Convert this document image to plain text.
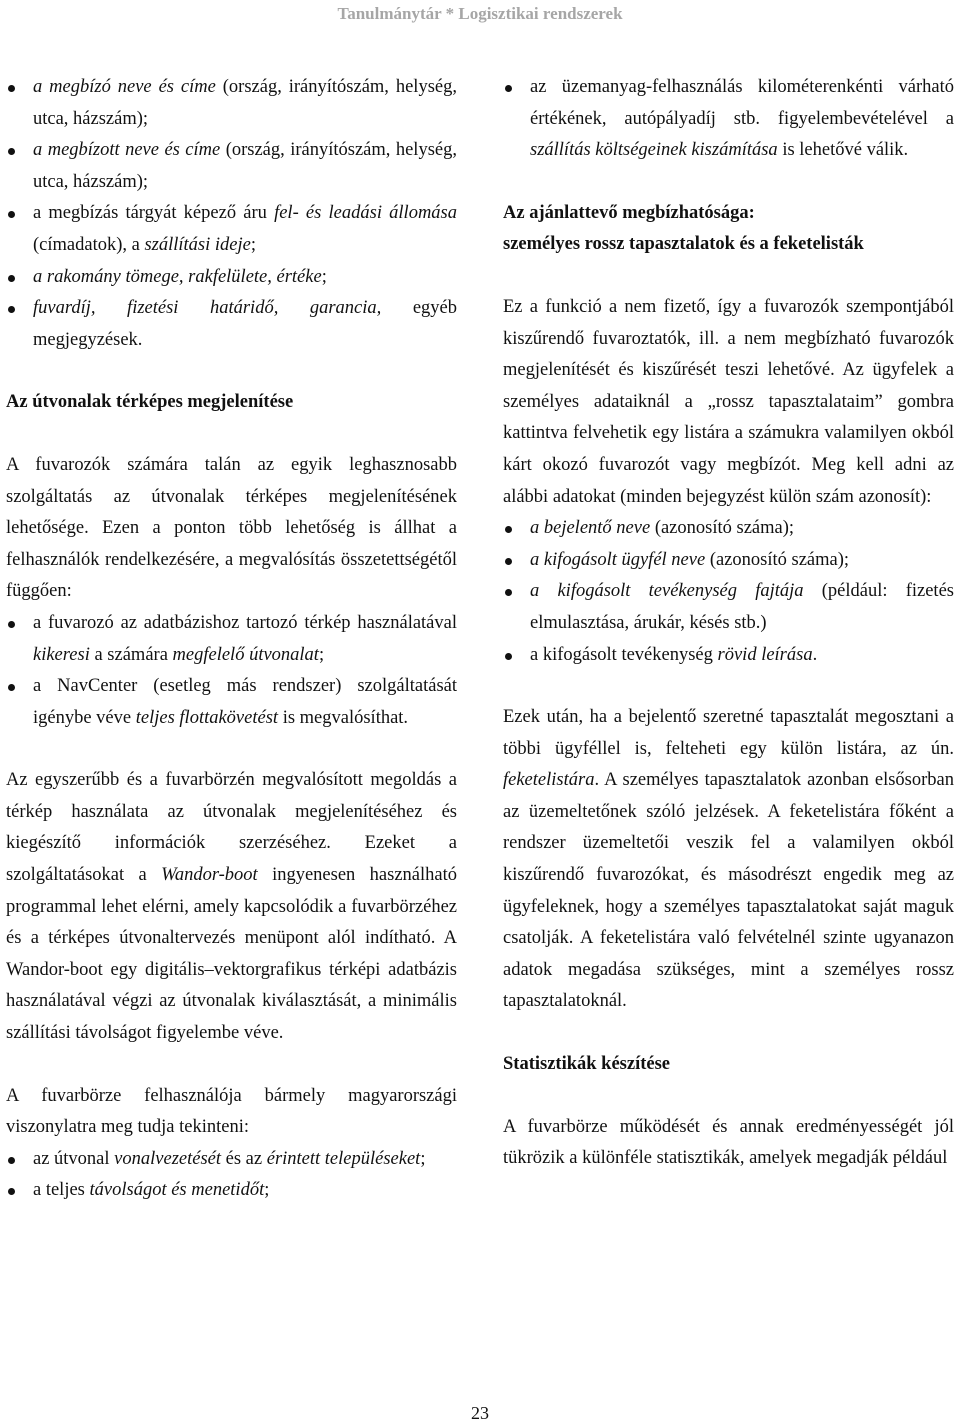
Tanulmánytár * Logisztikai rendszerek
a megbízó neve és címe (ország, irányítószám, helység, utca, házszám);
a megbízott neve és címe (ország, irányítószám, helység, utca, házszám);
a megbízás tárgyát képező áru fel- és leadási állomása (címadatok), a szállítási ideje;
a rakomány tömege, rakfelülete, értéke;
fuvardíj, fizetési határidő, garancia, egyéb megjegyzések.
Az útvonalak térképes megjelenítése

A fuvarozók számára talán az egyik leghasznosabb szolgáltatás az útvonalak térképes megjelenítésének lehetősége. Ezen a ponton több lehetőség is állhat a felhasználók rendelkezésére, a megvalósítás összetettségétől függően:

a fuvarozó az adatbázishoz tartozó térkép használatával kikeresi a számára megfelelő útvonalat;
a NavCenter (esetleg más rendszer) szolgáltatását igénybe véve teljes flottakövetést is megvalósíthat.

Az egyszerűbb és a fuvarbörzén megvalósított megoldás a térkép használata az útvonalak megjelenítéséhez és kiegészítő információk szerzéséhez. Ezeket a szolgáltatásokat a Wandor-boot ingyenesen használható programmal lehet elérni, amely kapcsolódik a fuvarbörzéhez és a térképes útvonaltervezés menüpont alól indítható. A Wandor-boot egy digitális–vektorgrafikus térképi adatbázis használatával végzi az útvonalak kiválasztását, a minimális szállítási távolságot figyelembe véve.

A fuvarbörze felhasználója bármely magyarországi viszonylatra meg tudja tekinteni:

az útvonal vonalvezetését és az érintett településeket;
a teljes távolságot és menetidőt;
az üzemanyag-felhasználás kilométerenkénti várható értékének, autópályadíj stb. figyelembevételével a szállítás költségeinek kiszámítása is lehetővé válik.
Az ajánlattevő megbízhatósága:
személyes rossz tapasztalatok és a feketelisták

Ez a funkció a nem fizető, így a fuvarozók szempontjából kiszűrendő fuvaroztatók, ill. a nem megbízható fuvarozók megjelenítését és kiszűrését teszi lehetővé. Az ügyfelek a személyes adataiknál a „rossz tapasztalataim” gombra kattintva felvehetik egy listára a számukra valamilyen okból kárt okozó fuvarozót vagy megbízót. Meg kell adni az alábbi adatokat (minden bejegyzést külön szám azonosít):

a bejelentő neve (azonosító száma);
a kifogásolt ügyfél neve (azonosító száma);
a kifogásolt tevékenység fajtája (például: fizetés elmulasztása, árukár, késés stb.)
a kifogásolt tevékenység rövid leírása.

Ezek után, ha a bejelentő szeretné tapasztalát megosztani a többi ügyféllel is, felteheti egy külön listára, az ún. feketelistára. A személyes tapasztalatok azonban elsősorban az üzemeltetőnek szóló jelzések. A feketelistára főként a rendszer üzemeltetői veszik fel a valamilyen okból kiszűrendő fuvarozókat, és másodrészt engedik meg az ügyfeleknek, hogy a személyes tapasztalatokat saját maguk csatolják. A feketelistára való felvételnél szinte ugyanazon adatok megadása szükséges, mint a személyes rossz tapasztalatoknál.

Statisztikák készítése

A fuvarbörze működését és annak eredményességét jól tükrözik a különféle statisztikák, amelyek megadják például

23
